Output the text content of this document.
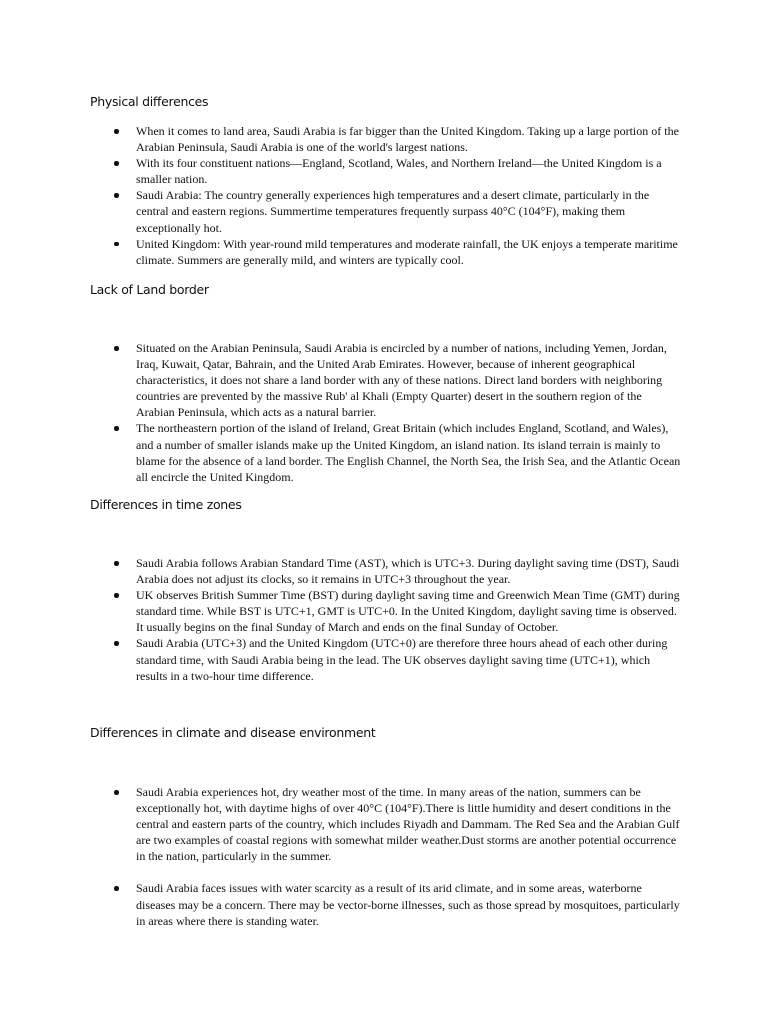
Physical differences
When it comes to land area, Saudi Arabia is far bigger than the United Kingdom. Taking up a large portion of the Arabian Peninsula, Saudi Arabia is one of the world's largest nations.
With its four constituent nations—England, Scotland, Wales, and Northern Ireland—the United Kingdom is a smaller nation.
Saudi Arabia: The country generally experiences high temperatures and a desert climate, particularly in the central and eastern regions. Summertime temperatures frequently surpass 40°C (104°F), making them exceptionally hot.
United Kingdom: With year-round mild temperatures and moderate rainfall, the UK enjoys a temperate maritime climate. Summers are generally mild, and winters are typically cool.
Lack of Land border
Situated on the Arabian Peninsula, Saudi Arabia is encircled by a number of nations, including Yemen, Jordan, Iraq, Kuwait, Qatar, Bahrain, and the United Arab Emirates. However, because of inherent geographical characteristics, it does not share a land border with any of these nations. Direct land borders with neighboring countries are prevented by the massive Rub' al Khali (Empty Quarter) desert in the southern region of the Arabian Peninsula, which acts as a natural barrier.
The northeastern portion of the island of Ireland, Great Britain (which includes England, Scotland, and Wales), and a number of smaller islands make up the United Kingdom, an island nation. Its island terrain is mainly to blame for the absence of a land border. The English Channel, the North Sea, the Irish Sea, and the Atlantic Ocean all encircle the United Kingdom.
Differences in time zones
Saudi Arabia follows Arabian Standard Time (AST), which is UTC+3. During daylight saving time (DST), Saudi Arabia does not adjust its clocks, so it remains in UTC+3 throughout the year.
UK observes British Summer Time (BST) during daylight saving time and Greenwich Mean Time (GMT) during standard time. While BST is UTC+1, GMT is UTC+0. In the United Kingdom, daylight saving time is observed. It usually begins on the final Sunday of March and ends on the final Sunday of October.
Saudi Arabia (UTC+3) and the United Kingdom (UTC+0) are therefore three hours ahead of each other during standard time, with Saudi Arabia being in the lead. The UK observes daylight saving time (UTC+1), which results in a two-hour time difference.
Differences in climate and disease environment
Saudi Arabia experiences hot, dry weather most of the time. In many areas of the nation, summers can be exceptionally hot, with daytime highs of over 40°C (104°F).There is little humidity and desert conditions in the central and eastern parts of the country, which includes Riyadh and Dammam. The Red Sea and the Arabian Gulf are two examples of coastal regions with somewhat milder weather.Dust storms are another potential occurrence in the nation, particularly in the summer.
Saudi Arabia faces issues with water scarcity as a result of its arid climate, and in some areas, waterborne diseases may be a concern. There may be vector-borne illnesses, such as those spread by mosquitoes, particularly in areas where there is standing water.
